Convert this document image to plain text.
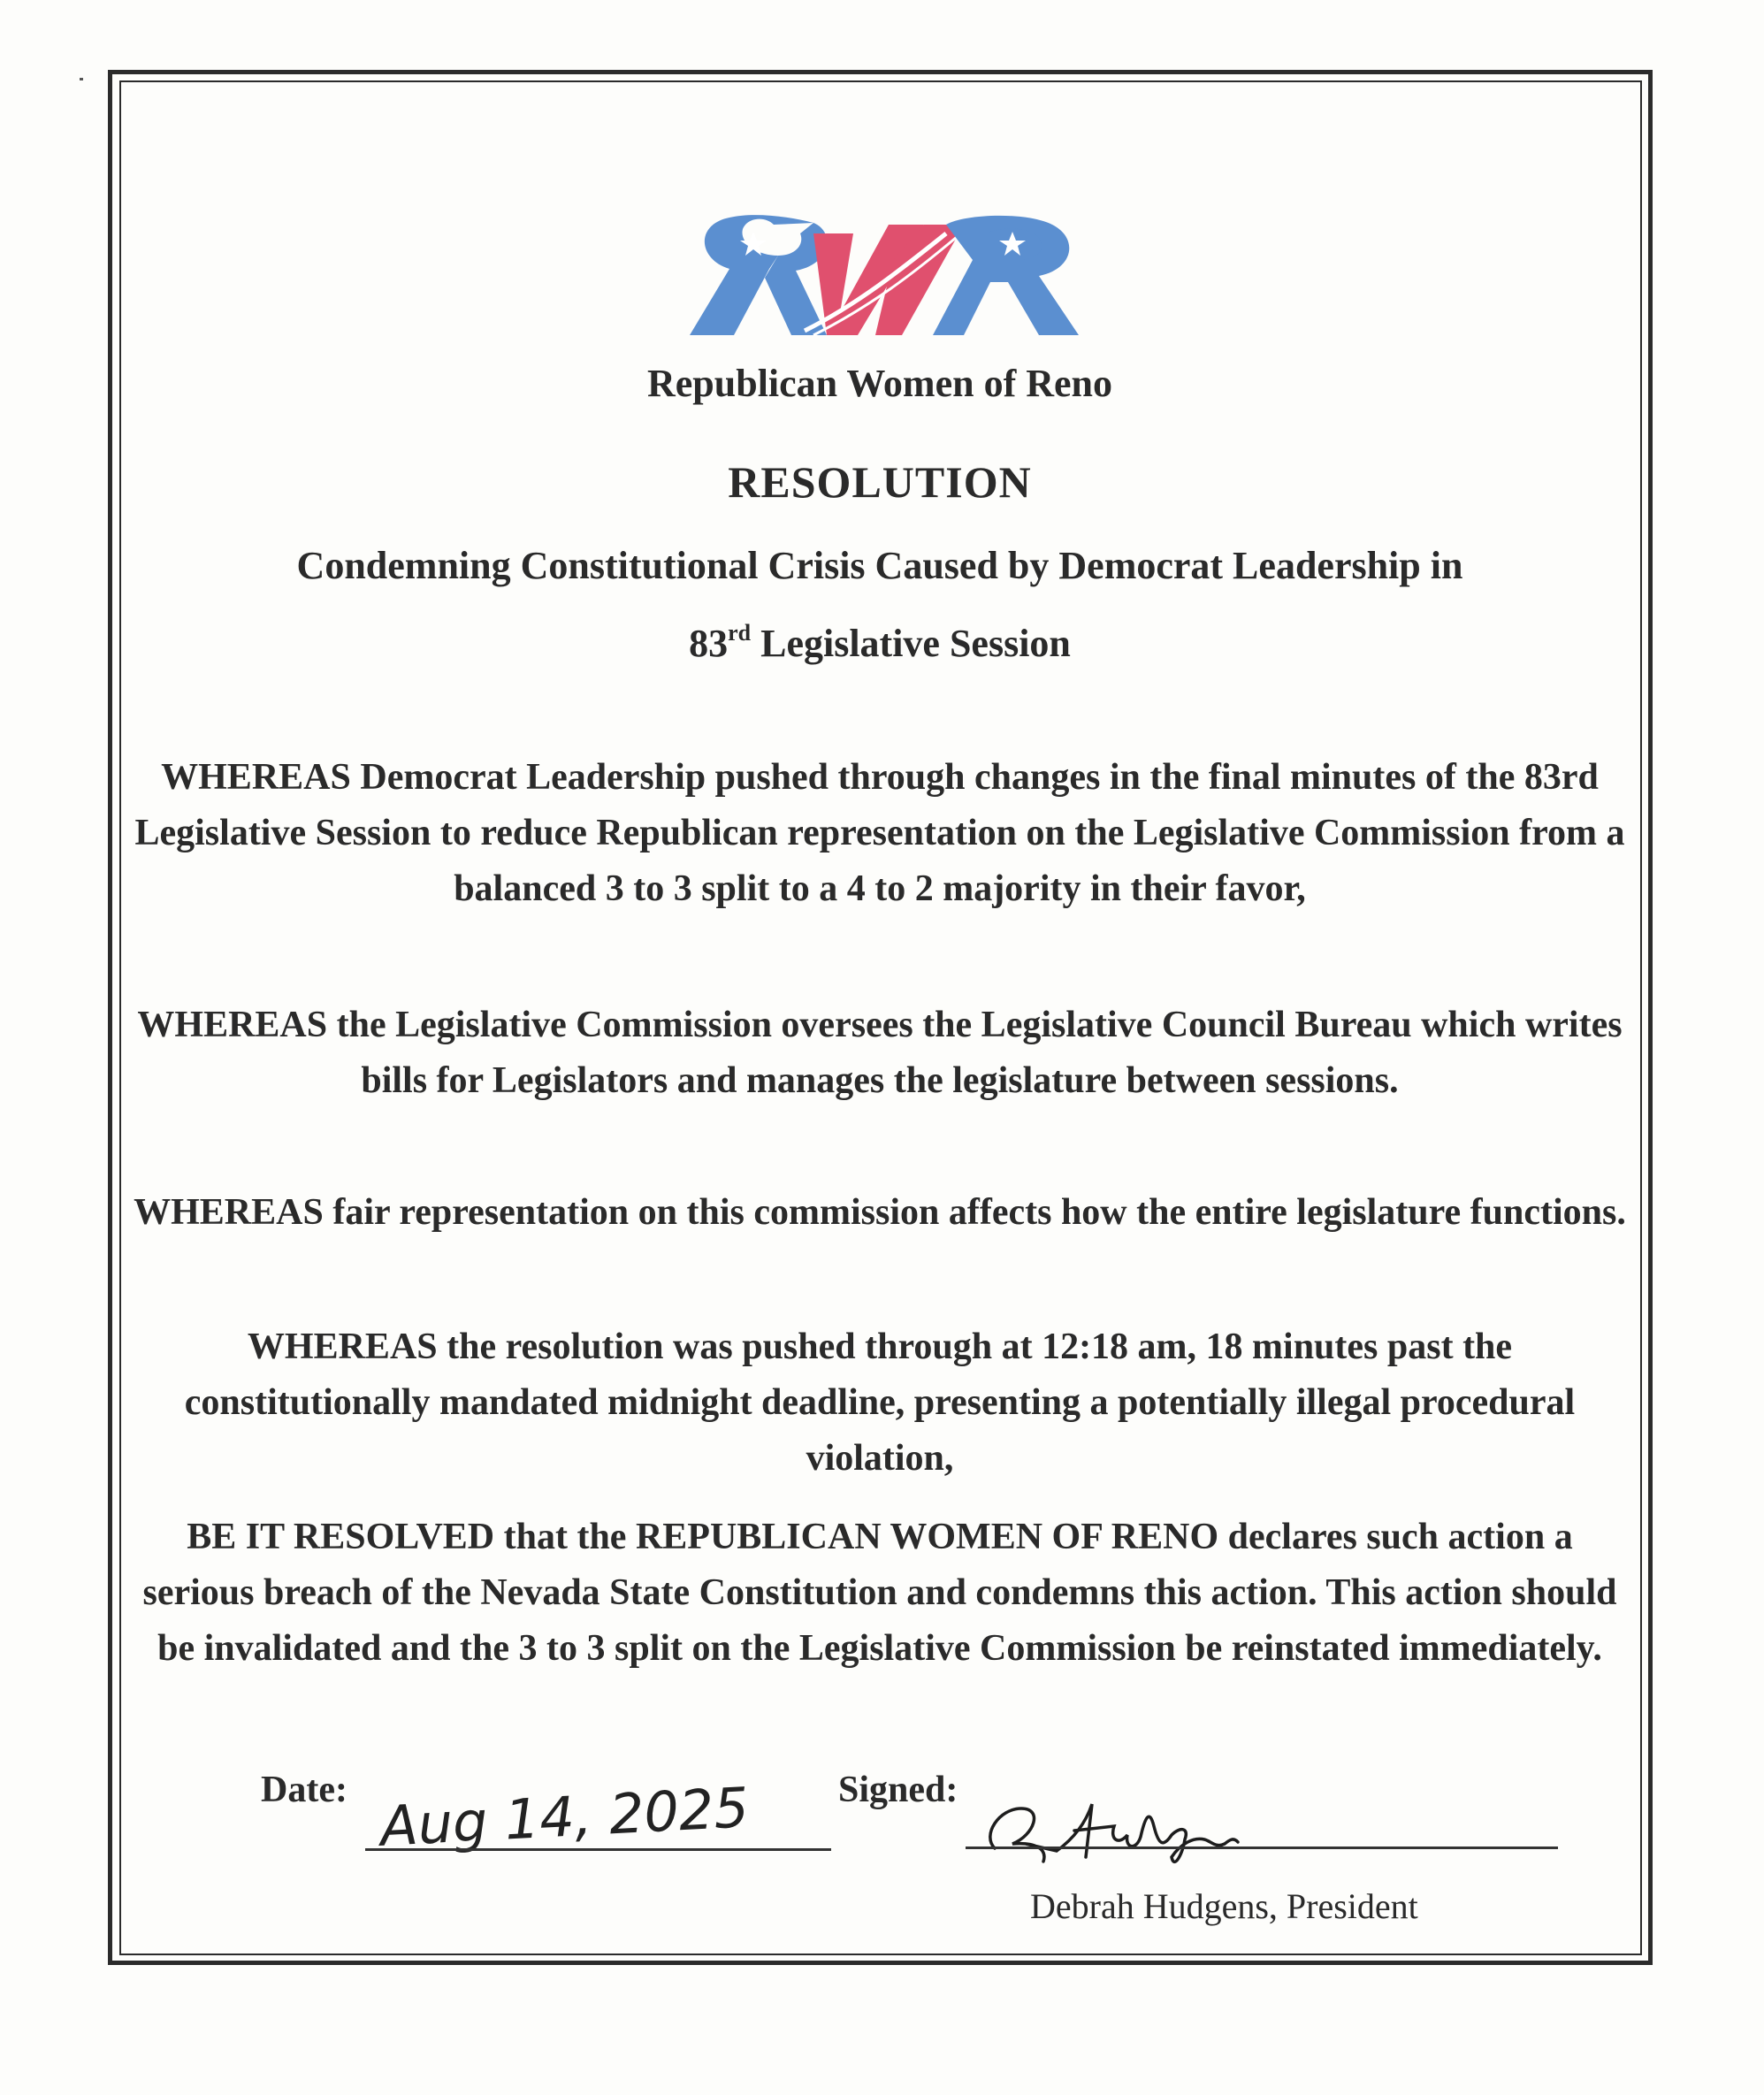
Republican Women of Reno
RESOLUTION
Condemning Constitutional Crisis Caused by Democrat Leadership in
83rd Legislative Session
WHEREAS Democrat Leadership pushed through changes in the final minutes of the 83rd Legislative Session to reduce Republican representation on the Legislative Commission from a balanced 3 to 3 split to a 4 to 2 majority in their favor,
WHEREAS the Legislative Commission oversees the Legislative Council Bureau which writes bills for Legislators and manages the legislature between sessions.
WHEREAS fair representation on this commission affects how the entire legislature functions.
WHEREAS the resolution was pushed through at 12:18 am, 18 minutes past the constitutionally mandated midnight deadline, presenting a potentially illegal procedural violation,
BE IT RESOLVED that the REPUBLICAN WOMEN OF RENO declares such action a serious breach of the Nevada State Constitution and condemns this action. This action should be invalidated and the 3 to 3 split on the Legislative Commission be reinstated immediately.
Date: Aug 14, 2025 Signed:
Debrah Hudgens, President
